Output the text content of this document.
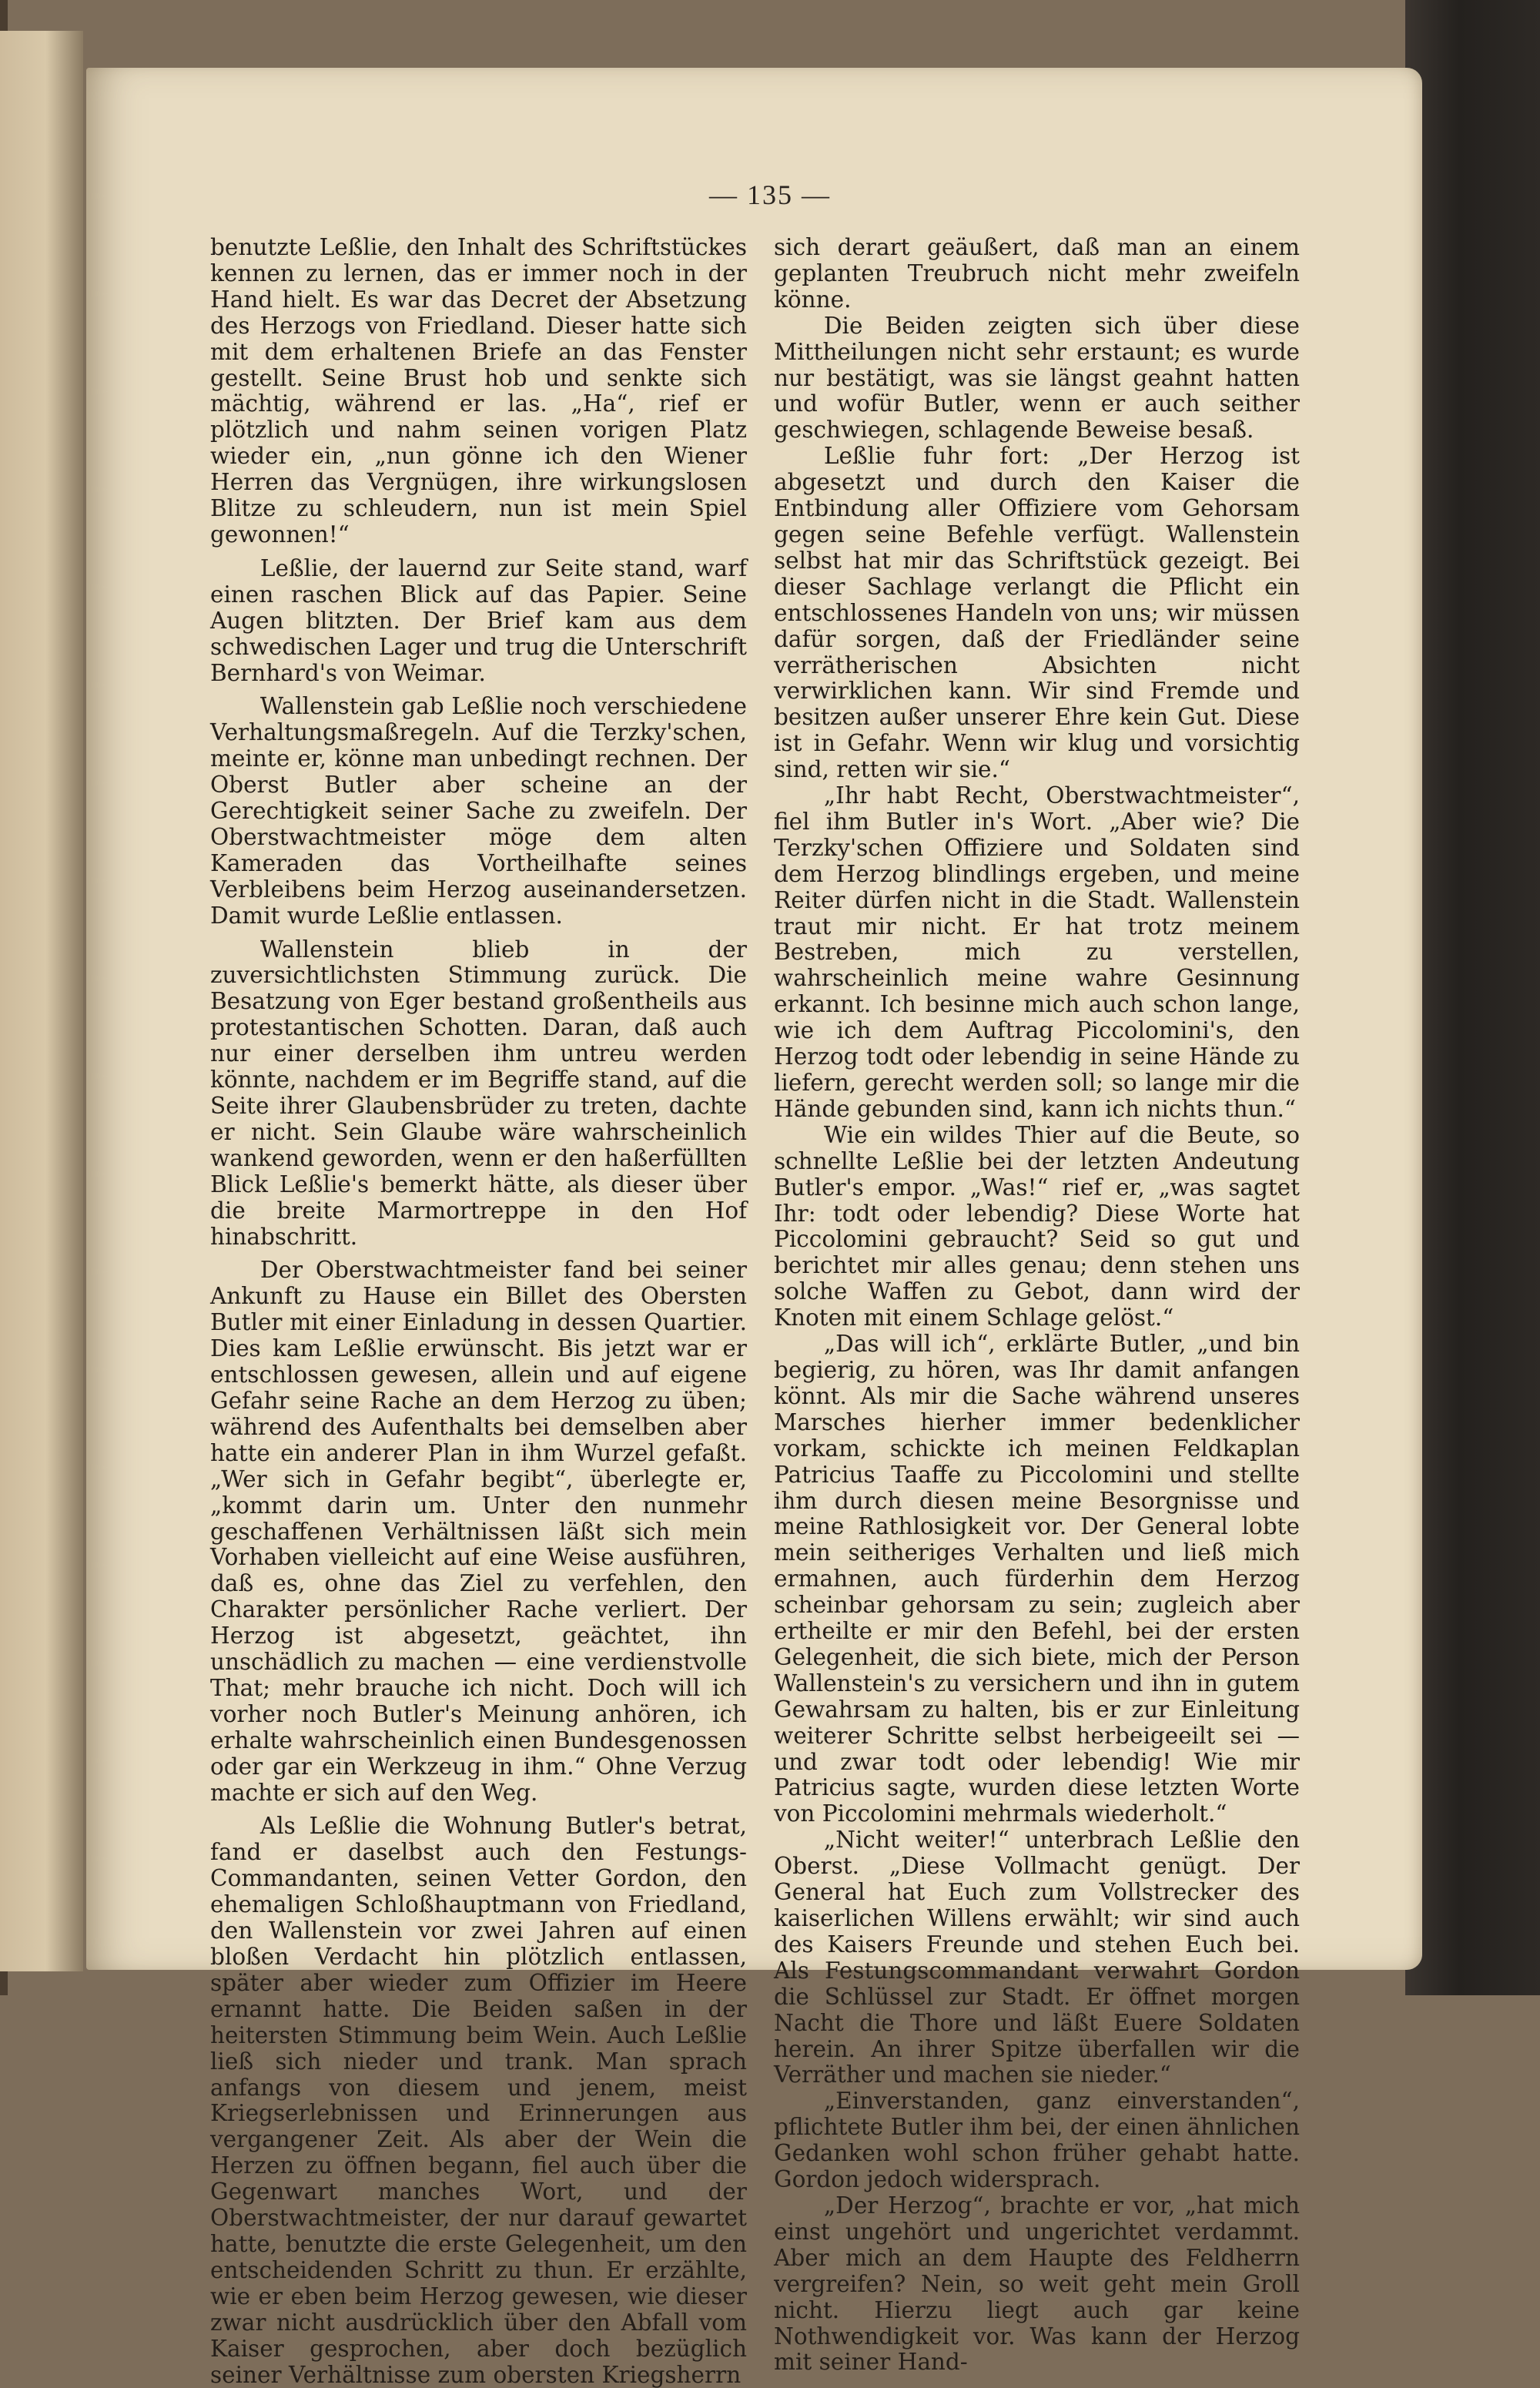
— 135 —

benutzte Leßlie, den Inhalt des Schriftstückes kennen zu lernen, das er immer noch in der Hand hielt. Es war das Decret der Absetzung des Herzogs von Friedland. Dieser hatte sich mit dem erhaltenen Briefe an das Fenster gestellt. Seine Brust hob und senkte sich mächtig, während er las. „Ha“, rief er plötzlich und nahm seinen vorigen Platz wieder ein, „nun gönne ich den Wiener Herren das Vergnügen, ihre wirkungslosen Blitze zu schleudern, nun ist mein Spiel gewonnen!“

Leßlie, der lauernd zur Seite stand, warf einen raschen Blick auf das Papier. Seine Augen blitzten. Der Brief kam aus dem schwedischen Lager und trug die Unterschrift Bernhard's von Weimar.

Wallenstein gab Leßlie noch verschiedene Verhaltungsmaßregeln. Auf die Terzky'schen, meinte er, könne man unbedingt rechnen. Der Oberst Butler aber scheine an der Gerechtigkeit seiner Sache zu zweifeln. Der Oberstwachtmeister möge dem alten Kameraden das Vortheilhafte seines Verbleibens beim Herzog auseinandersetzen. Damit wurde Leßlie entlassen.

Wallenstein blieb in der zuversichtlichsten Stimmung zurück. Die Besatzung von Eger bestand großentheils aus protestantischen Schotten. Daran, daß auch nur einer derselben ihm untreu werden könnte, nachdem er im Begriffe stand, auf die Seite ihrer Glaubensbrüder zu treten, dachte er nicht. Sein Glaube wäre wahrscheinlich wankend geworden, wenn er den haßerfüllten Blick Leßlie's bemerkt hätte, als dieser über die breite Marmortreppe in den Hof hinabschritt.

Der Oberstwachtmeister fand bei seiner Ankunft zu Hause ein Billet des Obersten Butler mit einer Einladung in dessen Quartier. Dies kam Leßlie erwünscht. Bis jetzt war er entschlossen gewesen, allein und auf eigene Gefahr seine Rache an dem Herzog zu üben; während des Aufenthalts bei demselben aber hatte ein anderer Plan in ihm Wurzel gefaßt. „Wer sich in Gefahr begibt“, überlegte er, „kommt darin um. Unter den nunmehr geschaffenen Verhältnissen läßt sich mein Vorhaben vielleicht auf eine Weise ausführen, daß es, ohne das Ziel zu verfehlen, den Charakter persönlicher Rache verliert. Der Herzog ist abgesetzt, geächtet, ihn unschädlich zu machen — eine verdienstvolle That; mehr brauche ich nicht. Doch will ich vorher noch Butler's Meinung anhören, ich erhalte wahrscheinlich einen Bundesgenossen oder gar ein Werkzeug in ihm.“ Ohne Verzug machte er sich auf den Weg.

Als Leßlie die Wohnung Butler's betrat, fand er daselbst auch den Festungs-Commandanten, seinen Vetter Gordon, den ehemaligen Schloßhauptmann von Friedland, den Wallenstein vor zwei Jahren auf einen bloßen Verdacht hin plötzlich entlassen, später aber wieder zum Offizier im Heere ernannt hatte. Die Beiden saßen in der heitersten Stimmung beim Wein. Auch Leßlie ließ sich nieder und trank. Man sprach anfangs von diesem und jenem, meist Kriegserlebnissen und Erinnerungen aus vergangener Zeit. Als aber der Wein die Herzen zu öffnen begann, fiel auch über die Gegenwart manches Wort, und der Oberstwachtmeister, der nur darauf gewartet hatte, benutzte die erste Gelegenheit, um den entscheidenden Schritt zu thun. Er erzählte, wie er eben beim Herzog gewesen, wie dieser zwar nicht ausdrücklich über den Abfall vom Kaiser gesprochen, aber doch bezüglich seiner Verhältnisse zum obersten Kriegsherrn

sich derart geäußert, daß man an einem geplanten Treubruch nicht mehr zweifeln könne.

Die Beiden zeigten sich über diese Mittheilungen nicht sehr erstaunt; es wurde nur bestätigt, was sie längst geahnt hatten und wofür Butler, wenn er auch seither geschwiegen, schlagende Beweise besaß.

Leßlie fuhr fort: „Der Herzog ist abgesetzt und durch den Kaiser die Entbindung aller Offiziere vom Gehorsam gegen seine Befehle verfügt. Wallenstein selbst hat mir das Schriftstück gezeigt. Bei dieser Sachlage verlangt die Pflicht ein entschlossenes Handeln von uns; wir müssen dafür sorgen, daß der Friedländer seine verrätherischen Absichten nicht verwirklichen kann. Wir sind Fremde und besitzen außer unserer Ehre kein Gut. Diese ist in Gefahr. Wenn wir klug und vorsichtig sind, retten wir sie.“

„Ihr habt Recht, Oberstwachtmeister“, fiel ihm Butler in's Wort. „Aber wie? Die Terzky'schen Offiziere und Soldaten sind dem Herzog blindlings ergeben, und meine Reiter dürfen nicht in die Stadt. Wallenstein traut mir nicht. Er hat trotz meinem Bestreben, mich zu verstellen, wahrscheinlich meine wahre Gesinnung erkannt. Ich besinne mich auch schon lange, wie ich dem Auftrag Piccolomini's, den Herzog todt oder lebendig in seine Hände zu liefern, gerecht werden soll; so lange mir die Hände gebunden sind, kann ich nichts thun.“

Wie ein wildes Thier auf die Beute, so schnellte Leßlie bei der letzten Andeutung Butler's empor. „Was!“ rief er, „was sagtet Ihr: todt oder lebendig? Diese Worte hat Piccolomini gebraucht? Seid so gut und berichtet mir alles genau; denn stehen uns solche Waffen zu Gebot, dann wird der Knoten mit einem Schlage gelöst.“

„Das will ich“, erklärte Butler, „und bin begierig, zu hören, was Ihr damit anfangen könnt. Als mir die Sache während unseres Marsches hierher immer bedenklicher vorkam, schickte ich meinen Feldkaplan Patricius Taaffe zu Piccolomini und stellte ihm durch diesen meine Besorgnisse und meine Rathlosigkeit vor. Der General lobte mein seitheriges Verhalten und ließ mich ermahnen, auch fürderhin dem Herzog scheinbar gehorsam zu sein; zugleich aber ertheilte er mir den Befehl, bei der ersten Gelegenheit, die sich biete, mich der Person Wallenstein's zu versichern und ihn in gutem Gewahrsam zu halten, bis er zur Einleitung weiterer Schritte selbst herbeigeeilt sei — und zwar todt oder lebendig! Wie mir Patricius sagte, wurden diese letzten Worte von Piccolomini mehrmals wiederholt.“

„Nicht weiter!“ unterbrach Leßlie den Oberst. „Diese Vollmacht genügt. Der General hat Euch zum Vollstrecker des kaiserlichen Willens erwählt; wir sind auch des Kaisers Freunde und stehen Euch bei. Als Festungscommandant verwahrt Gordon die Schlüssel zur Stadt. Er öffnet morgen Nacht die Thore und läßt Euere Soldaten herein. An ihrer Spitze überfallen wir die Verräther und machen sie nieder.“

„Einverstanden, ganz einverstanden“, pflichtete Butler ihm bei, der einen ähnlichen Gedanken wohl schon früher gehabt hatte. Gordon jedoch widersprach.

„Der Herzog“, brachte er vor, „hat mich einst ungehört und ungerichtet verdammt. Aber mich an dem Haupte des Feldherrn vergreifen? Nein, so weit geht mein Groll nicht. Hierzu liegt auch gar keine Nothwendigkeit vor. Was kann der Herzog mit seiner Hand-
